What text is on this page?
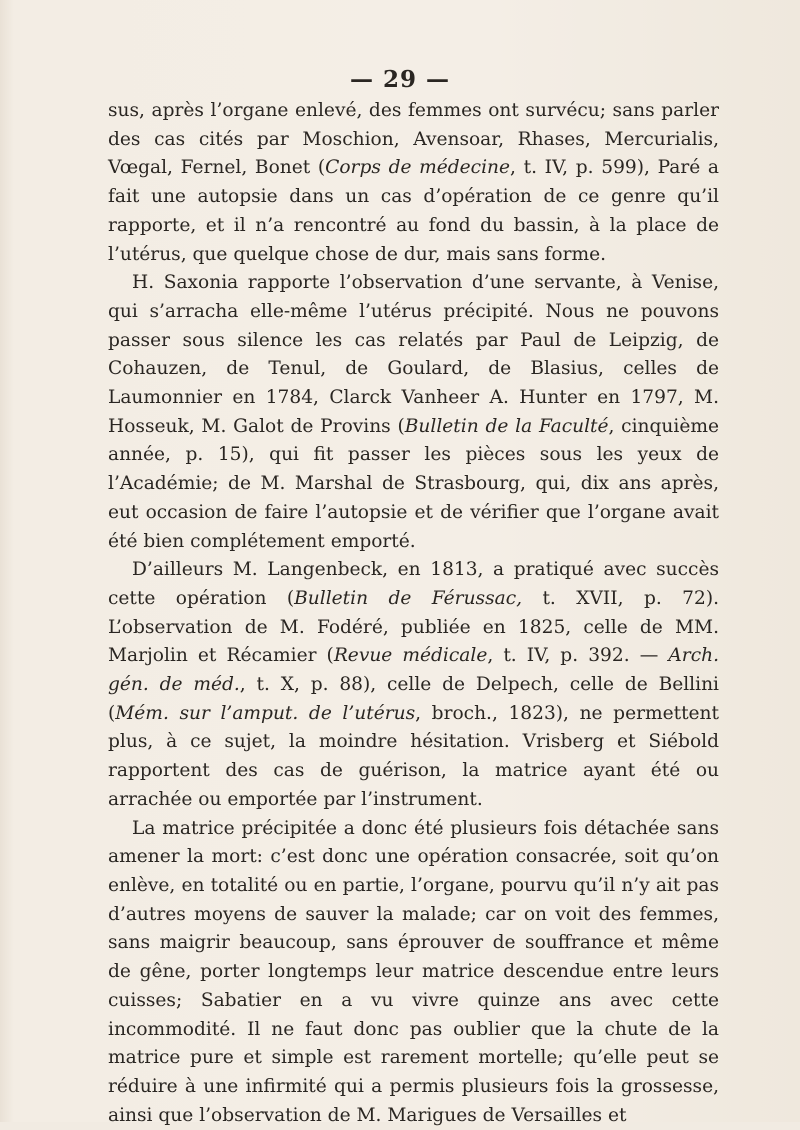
— 29 —

sus, après l’organe enlevé, des femmes ont survécu; sans parler des cas cités par Moschion, Avensoar, Rhases, Mercurialis, Vœgal, Fernel, Bonet (Corps de médecine, t. IV, p. 599), Paré a fait une autopsie dans un cas d’opération de ce genre qu’il rapporte, et il n’a rencontré au fond du bassin, à la place de l’utérus, que quelque chose de dur, mais sans forme.

H. Saxonia rapporte l’observation d’une servante, à Venise, qui s’arracha elle-même l’utérus précipité. Nous ne pouvons passer sous silence les cas relatés par Paul de Leipzig, de Cohauzen, de Tenul, de Goulard, de Blasius, celles de Laumonnier en 1784, Clarck Vanheer A. Hunter en 1797, M. Hosseuk, M. Galot de Provins (Bulletin de la Faculté, cinquième année, p. 15), qui fit passer les pièces sous les yeux de l’Académie; de M. Marshal de Strasbourg, qui, dix ans après, eut occasion de faire l’autopsie et de vérifier que l’organe avait été bien complétement emporté.

D’ailleurs M. Langenbeck, en 1813, a pratiqué avec succès cette opération (Bulletin de Férussac, t. XVII, p. 72). L’observation de M. Fodéré, publiée en 1825, celle de MM. Marjolin et Récamier (Revue médicale, t. IV, p. 392. — Arch. gén. de méd., t. X, p. 88), celle de Delpech, celle de Bellini (Mém. sur l’amput. de l’utérus, broch., 1823), ne permettent plus, à ce sujet, la moindre hésitation. Vrisberg et Siébold rapportent des cas de guérison, la matrice ayant été ou arrachée ou emportée par l’instrument.

La matrice précipitée a donc été plusieurs fois détachée sans amener la mort: c’est donc une opération consacrée, soit qu’on enlève, en totalité ou en partie, l’organe, pourvu qu’il n’y ait pas d’autres moyens de sauver la malade; car on voit des femmes, sans maigrir beaucoup, sans éprouver de souffrance et même de gêne, porter longtemps leur matrice descendue entre leurs cuisses; Sabatier en a vu vivre quinze ans avec cette incommodité. Il ne faut donc pas oublier que la chute de la matrice pure et simple est rarement mortelle; qu’elle peut se réduire à une infirmité qui a permis plusieurs fois la grossesse, ainsi que l’observation de M. Marigues de Versailles et
